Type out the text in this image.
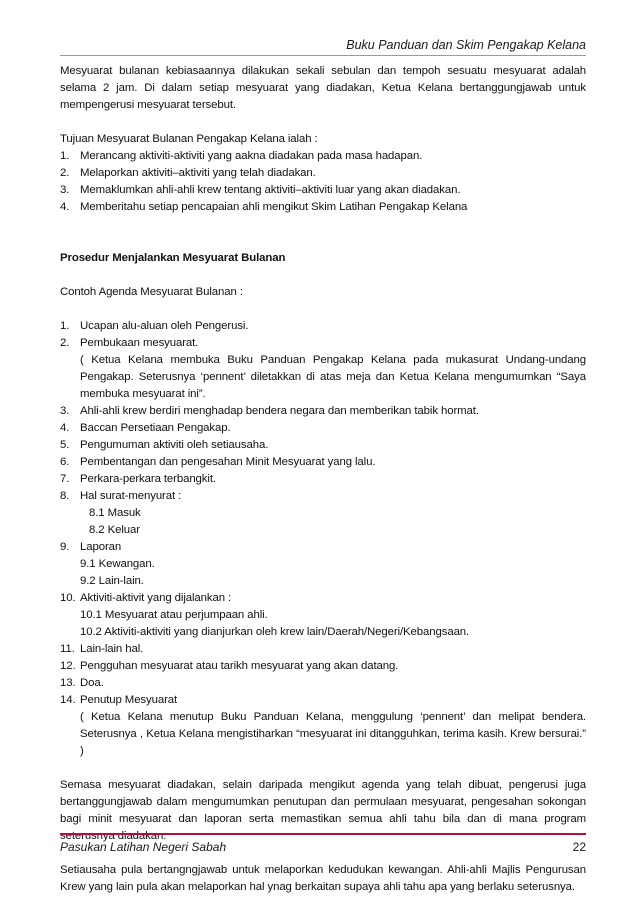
Buku Panduan dan Skim Pengakap Kelana

Mesyuarat bulanan kebiasaannya dilakukan sekali sebulan dan tempoh sesuatu mesyuarat adalah selama 2 jam. Di dalam setiap mesyuarat yang diadakan, Ketua Kelana bertanggungjawab untuk mempengerusi mesyuarat tersebut.

Tujuan Mesyuarat Bulanan Pengakap Kelana ialah :

1. Merancang aktiviti-aktiviti yang aakna diadakan pada masa hadapan.
2. Melaporkan aktiviti–aktiviti yang telah diadakan.
3. Memaklumkan ahli-ahli krew tentang aktiviti–aktiviti luar yang akan diadakan.
4. Memberitahu setiap pencapaian ahli mengikut Skim Latihan Pengakap Kelana

Prosedur Menjalankan Mesyuarat Bulanan

Contoh Agenda Mesyuarat Bulanan :

1. Ucapan alu-aluan oleh Pengerusi.
2. Pembukaan mesyuarat.

( Ketua Kelana membuka Buku Panduan Pengakap Kelana pada mukasurat Undang-undang Pengakap. Seterusnya ‘pennent’ diletakkan di atas meja dan Ketua Kelana mengumumkan “Saya membuka mesyuarat ini”.

3. Ahli-ahli krew berdiri menghadap bendera negara dan memberikan tabik hormat.
4. Baccan Persetiaan Pengakap.
5. Pengumuman aktiviti oleh setiausaha.
6. Pembentangan dan pengesahan Minit Mesyuarat yang lalu.
7. Perkara-perkara terbangkit.
8. Hal surat-menyurat :

8.1 Masuk

8.2 Keluar

9. Laporan

9.1 Kewangan.

9.2 Lain-lain.

10. Aktiviti-aktivit yang dijalankan :

10.1 Mesyuarat atau perjumpaan ahli.

10.2 Aktiviti-aktiviti yang dianjurkan oleh krew lain/Daerah/Negeri/Kebangsaan.

11. Lain-lain hal.
12. Pengguhan mesyuarat atau tarikh mesyuarat yang akan datang.
13. Doa.
14. Penutup Mesyuarat

( Ketua Kelana menutup Buku Panduan Kelana, menggulung ‘pennent’ dan melipat bendera. Seterusnya , Ketua Kelana mengistiharkan “mesyuarat ini ditangguhkan, terima kasih. Krew bersurai.” )

Semasa mesyuarat diadakan, selain daripada mengikut agenda yang telah dibuat, pengerusi juga bertanggungjawab dalam mengumumkan penutupan dan permulaan mesyuarat, pengesahan sokongan bagi minit mesyuarat dan laporan serta memastikan semua ahli tahu bila dan di mana program seterusnya diadakan.

Setiausaha pula bertangngjawab untuk melaporkan kedudukan kewangan. Ahli-ahli Majlis Pengurusan Krew yang lain pula akan melaporkan hal ynag berkaitan supaya ahli tahu apa yang berlaku seterusnya.

Pasukan Latihan Negeri Sabah	22
